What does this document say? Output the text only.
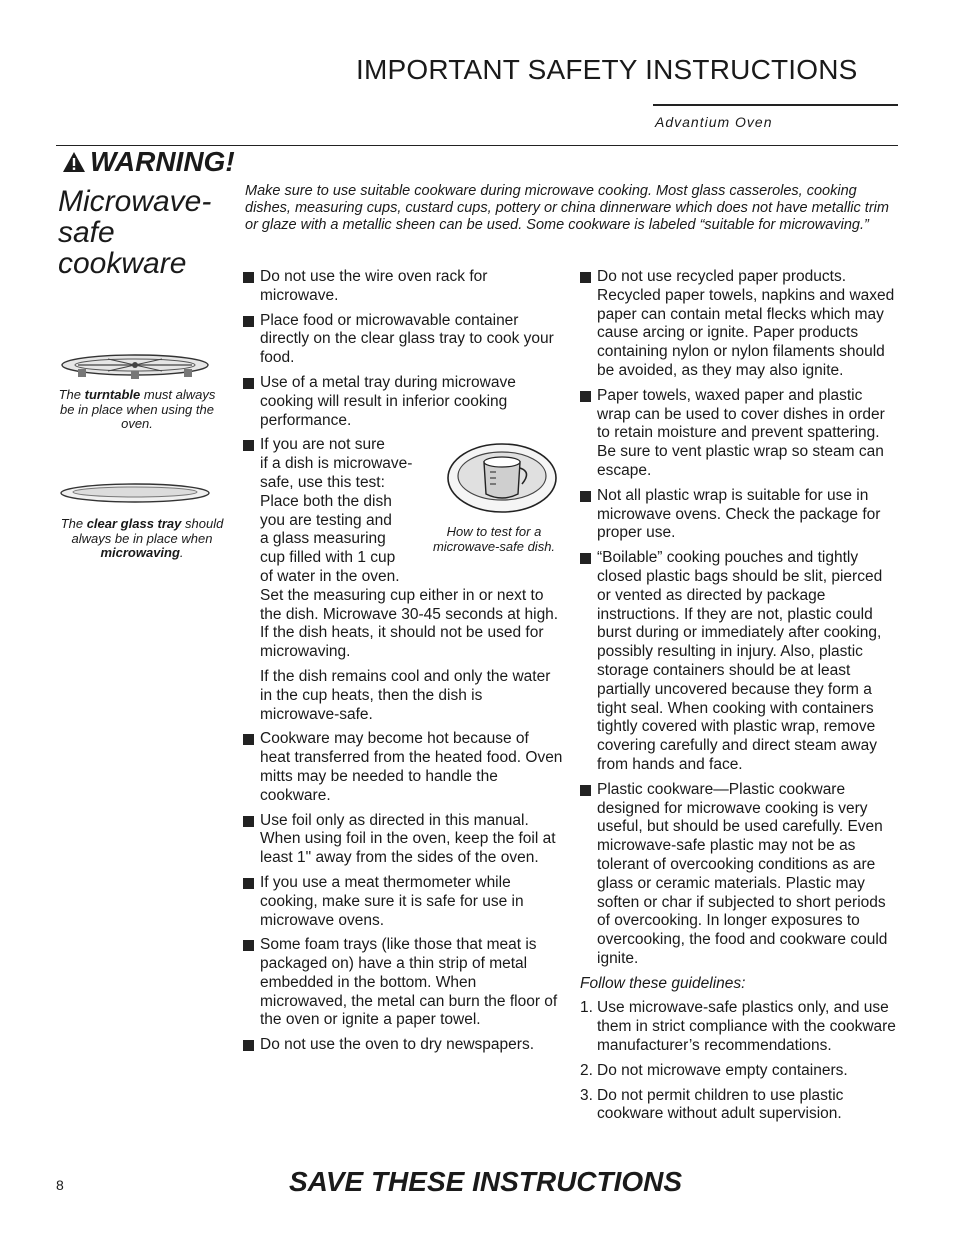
IMPORTANT SAFETY INSTRUCTIONS
Advantium Oven
WARNING!
Microwave-
safe
cookware
Make sure to use suitable cookware during microwave cooking. Most glass casseroles, cooking dishes, measuring cups, custard cups, pottery or china dinnerware which does not have metallic trim or glaze with a metallic sheen can be used. Some cookware is labeled “suitable for microwaving.”
The turntable must always be in place when using the oven.
The clear glass tray should always be in place when microwaving.
How to test for a microwave-safe dish.
Do not use the wire oven rack for microwave.
Place food or microwavable container directly on the clear glass tray to cook your food.
Use of a metal tray during microwave cooking will result in inferior cooking performance.
If you are not sure
if a dish is microwave-
safe, use this test:
Place both the dish
you are testing and
a glass measuring
cup filled with 1 cup
of water in the oven.
Set the measuring cup either in or next to the dish. Microwave 30-45 seconds at high. If the dish heats, it should not be used for microwaving.
If the dish remains cool and only the water in the cup heats, then the dish is microwave-safe.
Cookware may become hot because of heat transferred from the heated food. Oven mitts may be needed to handle the cookware.
Use foil only as directed in this manual. When using foil in the oven, keep the foil at least 1" away from the sides of the oven.
If you use a meat thermometer while cooking, make sure it is safe for use in microwave ovens.
Some foam trays (like those that meat is packaged on) have a thin strip of metal embedded in the bottom. When microwaved, the metal can burn the floor of the oven or ignite a paper towel.
Do not use the oven to dry newspapers.
Do not use recycled paper products. Recycled paper towels, napkins and waxed paper can contain metal flecks which may cause arcing or ignite. Paper products containing nylon or nylon filaments should be avoided, as they may also ignite.
Paper towels, waxed paper and plastic wrap can be used to cover dishes in order to retain moisture and prevent spattering. Be sure to vent plastic wrap so steam can escape.
Not all plastic wrap is suitable for use in microwave ovens. Check the package for proper use.
“Boilable” cooking pouches and tightly closed plastic bags should be slit, pierced or vented as directed by package instructions. If they are not, plastic could burst during or immediately after cooking, possibly resulting in injury. Also, plastic storage containers should be at least partially uncovered because they form a tight seal. When cooking with containers tightly covered with plastic wrap, remove covering carefully and direct steam away from hands and face.
Plastic cookware—Plastic cookware designed for microwave cooking is very useful, but should be used carefully. Even microwave-safe plastic may not be as tolerant of overcooking conditions as are glass or ceramic materials. Plastic may soften or char if subjected to short periods of overcooking. In longer exposures to overcooking, the food and cookware could ignite.

Follow these guidelines:

1. Use microwave-safe plastics only, and use them in strict compliance with the cookware manufacturer’s recommendations.
2. Do not microwave empty containers.
3. Do not permit children to use plastic cookware without adult supervision.
8	SAVE THESE INSTRUCTIONS
